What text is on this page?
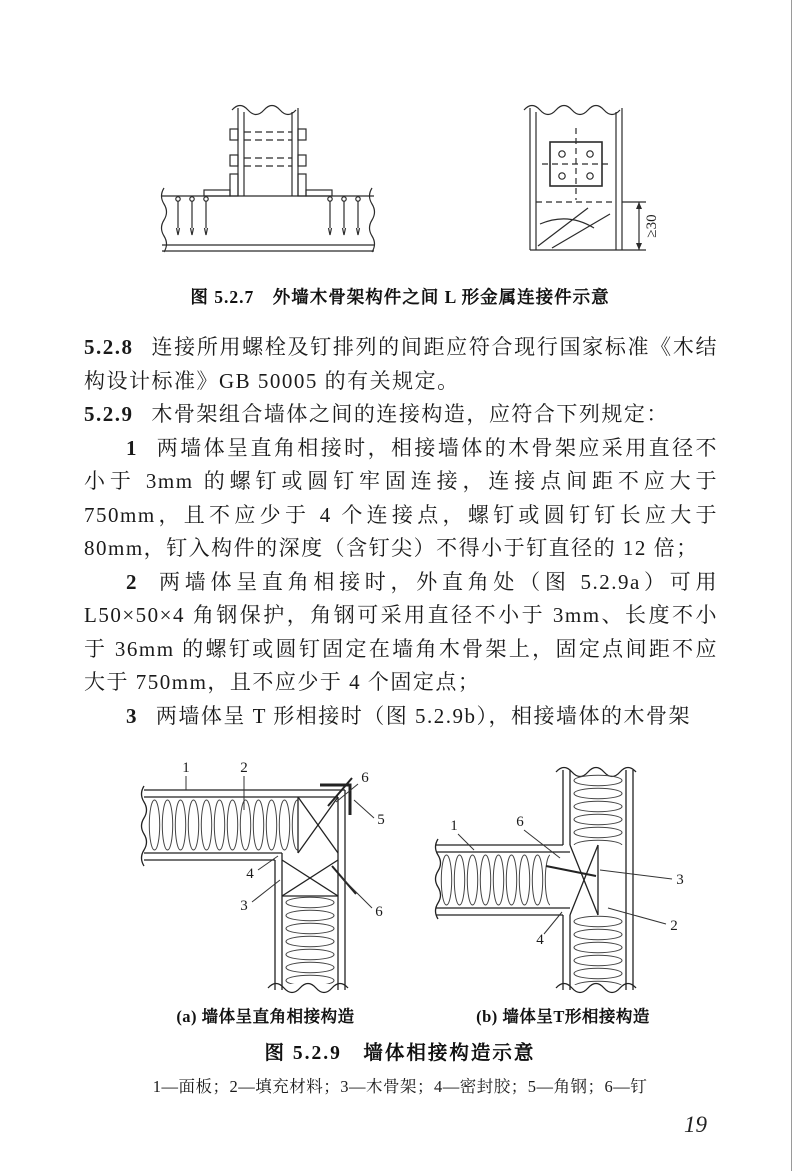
≥30
图 5.2.7　外墙木骨架构件之间 L 形金属连接件示意

5.2.8 连接所用螺栓及钉排列的间距应符合现行国家标准《木结构设计标准》GB 50005 的有关规定。

5.2.9 木骨架组合墙体之间的连接构造，应符合下列规定：

1 两墙体呈直角相接时，相接墙体的木骨架应采用直径不小于 3mm 的螺钉或圆钉牢固连接，连接点间距不应大于 750mm，且不应少于 4 个连接点，螺钉或圆钉钉长应大于 80mm，钉入构件的深度（含钉尖）不得小于钉直径的 12 倍；

2 两墙体呈直角相接时，外直角处（图 5.2.9a）可用 L50×50×4 角钢保护，角钢可采用直径不小于 3mm、长度不小于 36mm 的螺钉或圆钉固定在墙角木骨架上，固定点间距不应大于 750mm，且不应少于 4 个固定点；

3 两墙体呈 T 形相接时（图 5.2.9b），相接墙体的木骨架

1	2
6
5
4
3	6
1	6
3
2
4
(a) 墙体呈直角相接构造	(b) 墙体呈T形相接构造
图 5.2.9　墙体相接构造示意
1—面板；2—填充材料；3—木骨架；4—密封胶；5—角钢；6—钉
19
